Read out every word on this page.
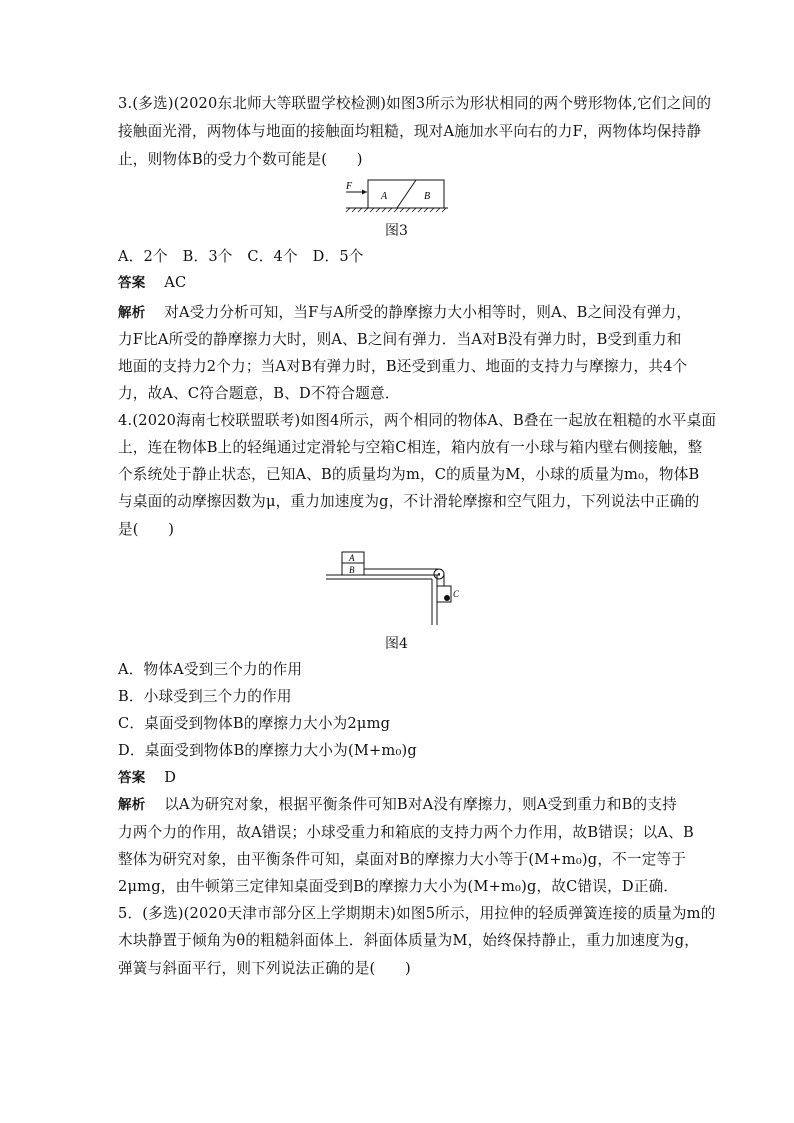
3.(多选)(2020东北师大等联盟学校检测)如图3所示为形状相同的两个劈形物体,它们之间的
接触面光滑，两物体与地面的接触面均粗糙，现对A施加水平向右的力F，两物体均保持静
止，则物体B的受力个数可能是(　　)
F
A	B
图3
A．2个　B．3个　C．4个　D．5个
答案 AC
解析 对A受力分析可知，当F与A所受的静摩擦力大小相等时，则A、B之间没有弹力，
力F比A所受的静摩擦力大时，则A、B之间有弹力．当A对B没有弹力时，B受到重力和
地面的支持力2个力；当A对B有弹力时，B还受到重力、地面的支持力与摩擦力，共4个
力，故A、C符合题意，B、D不符合题意．
4.(2020海南七校联盟联考)如图4所示，两个相同的物体A、B叠在一起放在粗糙的水平桌面
上，连在物体B上的轻绳通过定滑轮与空箱C相连，箱内放有一小球与箱内壁右侧接触，整
个系统处于静止状态，已知A、B的质量均为m，C的质量为M，小球的质量为m₀，物体B
与桌面的动摩擦因数为μ，重力加速度为g，不计滑轮摩擦和空气阻力，下列说法中正确的
是(　　)
A
B
C
图4
A．物体A受到三个力的作用
B．小球受到三个力的作用
C．桌面受到物体B的摩擦力大小为2μmg
D．桌面受到物体B的摩擦力大小为(M+m₀)g
答案 D
解析 以A为研究对象，根据平衡条件可知B对A没有摩擦力，则A受到重力和B的支持
力两个力的作用，故A错误；小球受重力和箱底的支持力两个力作用，故B错误；以A、B
整体为研究对象，由平衡条件可知，桌面对B的摩擦力大小等于(M+m₀)g，不一定等于
2μmg，由牛顿第三定律知桌面受到B的摩擦力大小为(M+m₀)g，故C错误，D正确．
5．(多选)(2020天津市部分区上学期期末)如图5所示，用拉伸的轻质弹簧连接的质量为m的
木块静置于倾角为θ的粗糙斜面体上．斜面体质量为M，始终保持静止，重力加速度为g，
弹簧与斜面平行，则下列说法正确的是(　　)
